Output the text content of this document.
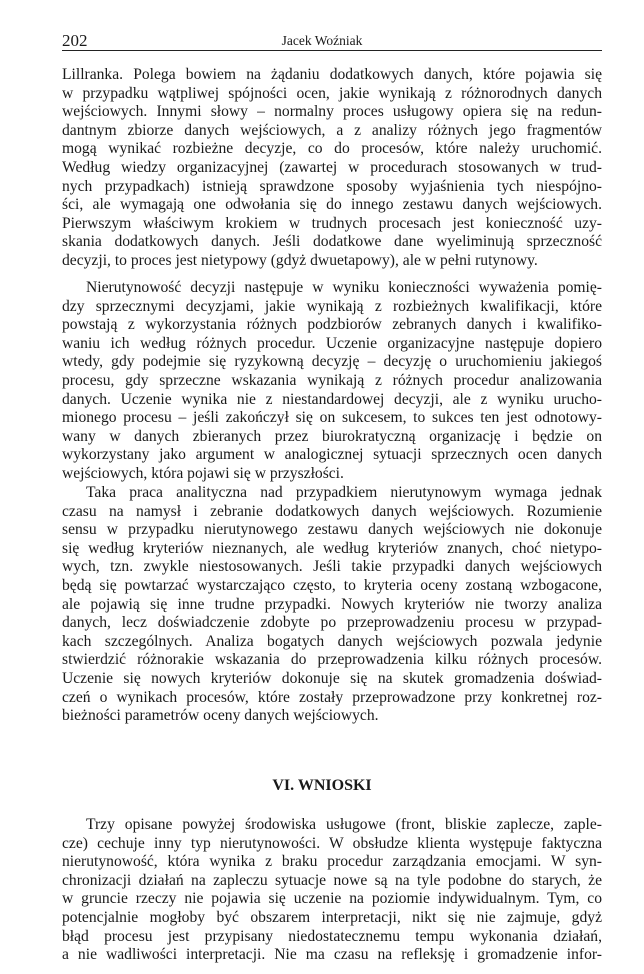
202	Jacek Woźniak
Lillranka. Polega bowiem na żądaniu dodatkowych danych, które pojawia się
w przypadku wątpliwej spójności ocen, jakie wynikają z różnorodnych danych
wejściowych. Innymi słowy – normalny proces usługowy opiera się na redun-
dantnym zbiorze danych wejściowych, a z analizy różnych jego fragmentów
mogą wynikać rozbieżne decyzje, co do procesów, które należy uruchomić.
Według wiedzy organizacyjnej (zawartej w procedurach stosowanych w trud-
nych przypadkach) istnieją sprawdzone sposoby wyjaśnienia tych niespójno-
ści, ale wymagają one odwołania się do innego zestawu danych wejściowych.
Pierwszym właściwym krokiem w trudnych procesach jest konieczność uzy-
skania dodatkowych danych. Jeśli dodatkowe dane wyeliminują sprzeczność
decyzji, to proces jest nietypowy (gdyż dwuetapowy), ale w pełni rutynowy.
Nierutynowość decyzji następuje w wyniku konieczności wyważenia pomię-
dzy sprzecznymi decyzjami, jakie wynikają z rozbieżnych kwalifikacji, które
powstają z wykorzystania różnych podzbiorów zebranych danych i kwalifiko-
waniu ich według różnych procedur. Uczenie organizacyjne następuje dopiero
wtedy, gdy podejmie się ryzykowną decyzję – decyzję o uruchomieniu jakiegoś
procesu, gdy sprzeczne wskazania wynikają z różnych procedur analizowania
danych. Uczenie wynika nie z niestandardowej decyzji, ale z wyniku urucho-
mionego procesu – jeśli zakończył się on sukcesem, to sukces ten jest odnotowy-
wany w danych zbieranych przez biurokratyczną organizację i będzie on
wykorzystany jako argument w analogicznej sytuacji sprzecznych ocen danych
wejściowych, która pojawi się w przyszłości.
Taka praca analityczna nad przypadkiem nierutynowym wymaga jednak
czasu na namysł i zebranie dodatkowych danych wejściowych. Rozumienie
sensu w przypadku nierutynowego zestawu danych wejściowych nie dokonuje
się według kryteriów nieznanych, ale według kryteriów znanych, choć nietypo-
wych, tzn. zwykle niestosowanych. Jeśli takie przypadki danych wejściowych
będą się powtarzać wystarczająco często, to kryteria oceny zostaną wzbogacone,
ale pojawią się inne trudne przypadki. Nowych kryteriów nie tworzy analiza
danych, lecz doświadczenie zdobyte po przeprowadzeniu procesu w przypad-
kach szczególnych. Analiza bogatych danych wejściowych pozwala jedynie
stwierdzić różnorakie wskazania do przeprowadzenia kilku różnych procesów.
Uczenie się nowych kryteriów dokonuje się na skutek gromadzenia doświad-
czeń o wynikach procesów, które zostały przeprowadzone przy konkretnej roz-
bieżności parametrów oceny danych wejściowych.
VI. WNIOSKI
Trzy opisane powyżej środowiska usługowe (front, bliskie zaplecze, zaple-
cze) cechuje inny typ nierutynowości. W obsłudze klienta występuje faktyczna
nierutynowość, która wynika z braku procedur zarządzania emocjami. W syn-
chronizacji działań na zapleczu sytuacje nowe są na tyle podobne do starych, że
w gruncie rzeczy nie pojawia się uczenie na poziomie indywidualnym. Tym, co
potencjalnie mogłoby być obszarem interpretacji, nikt się nie zajmuje, gdyż
błąd procesu jest przypisany niedostatecznemu tempu wykonania działań,
a nie wadliwości interpretacji. Nie ma czasu na refleksję i gromadzenie infor-
